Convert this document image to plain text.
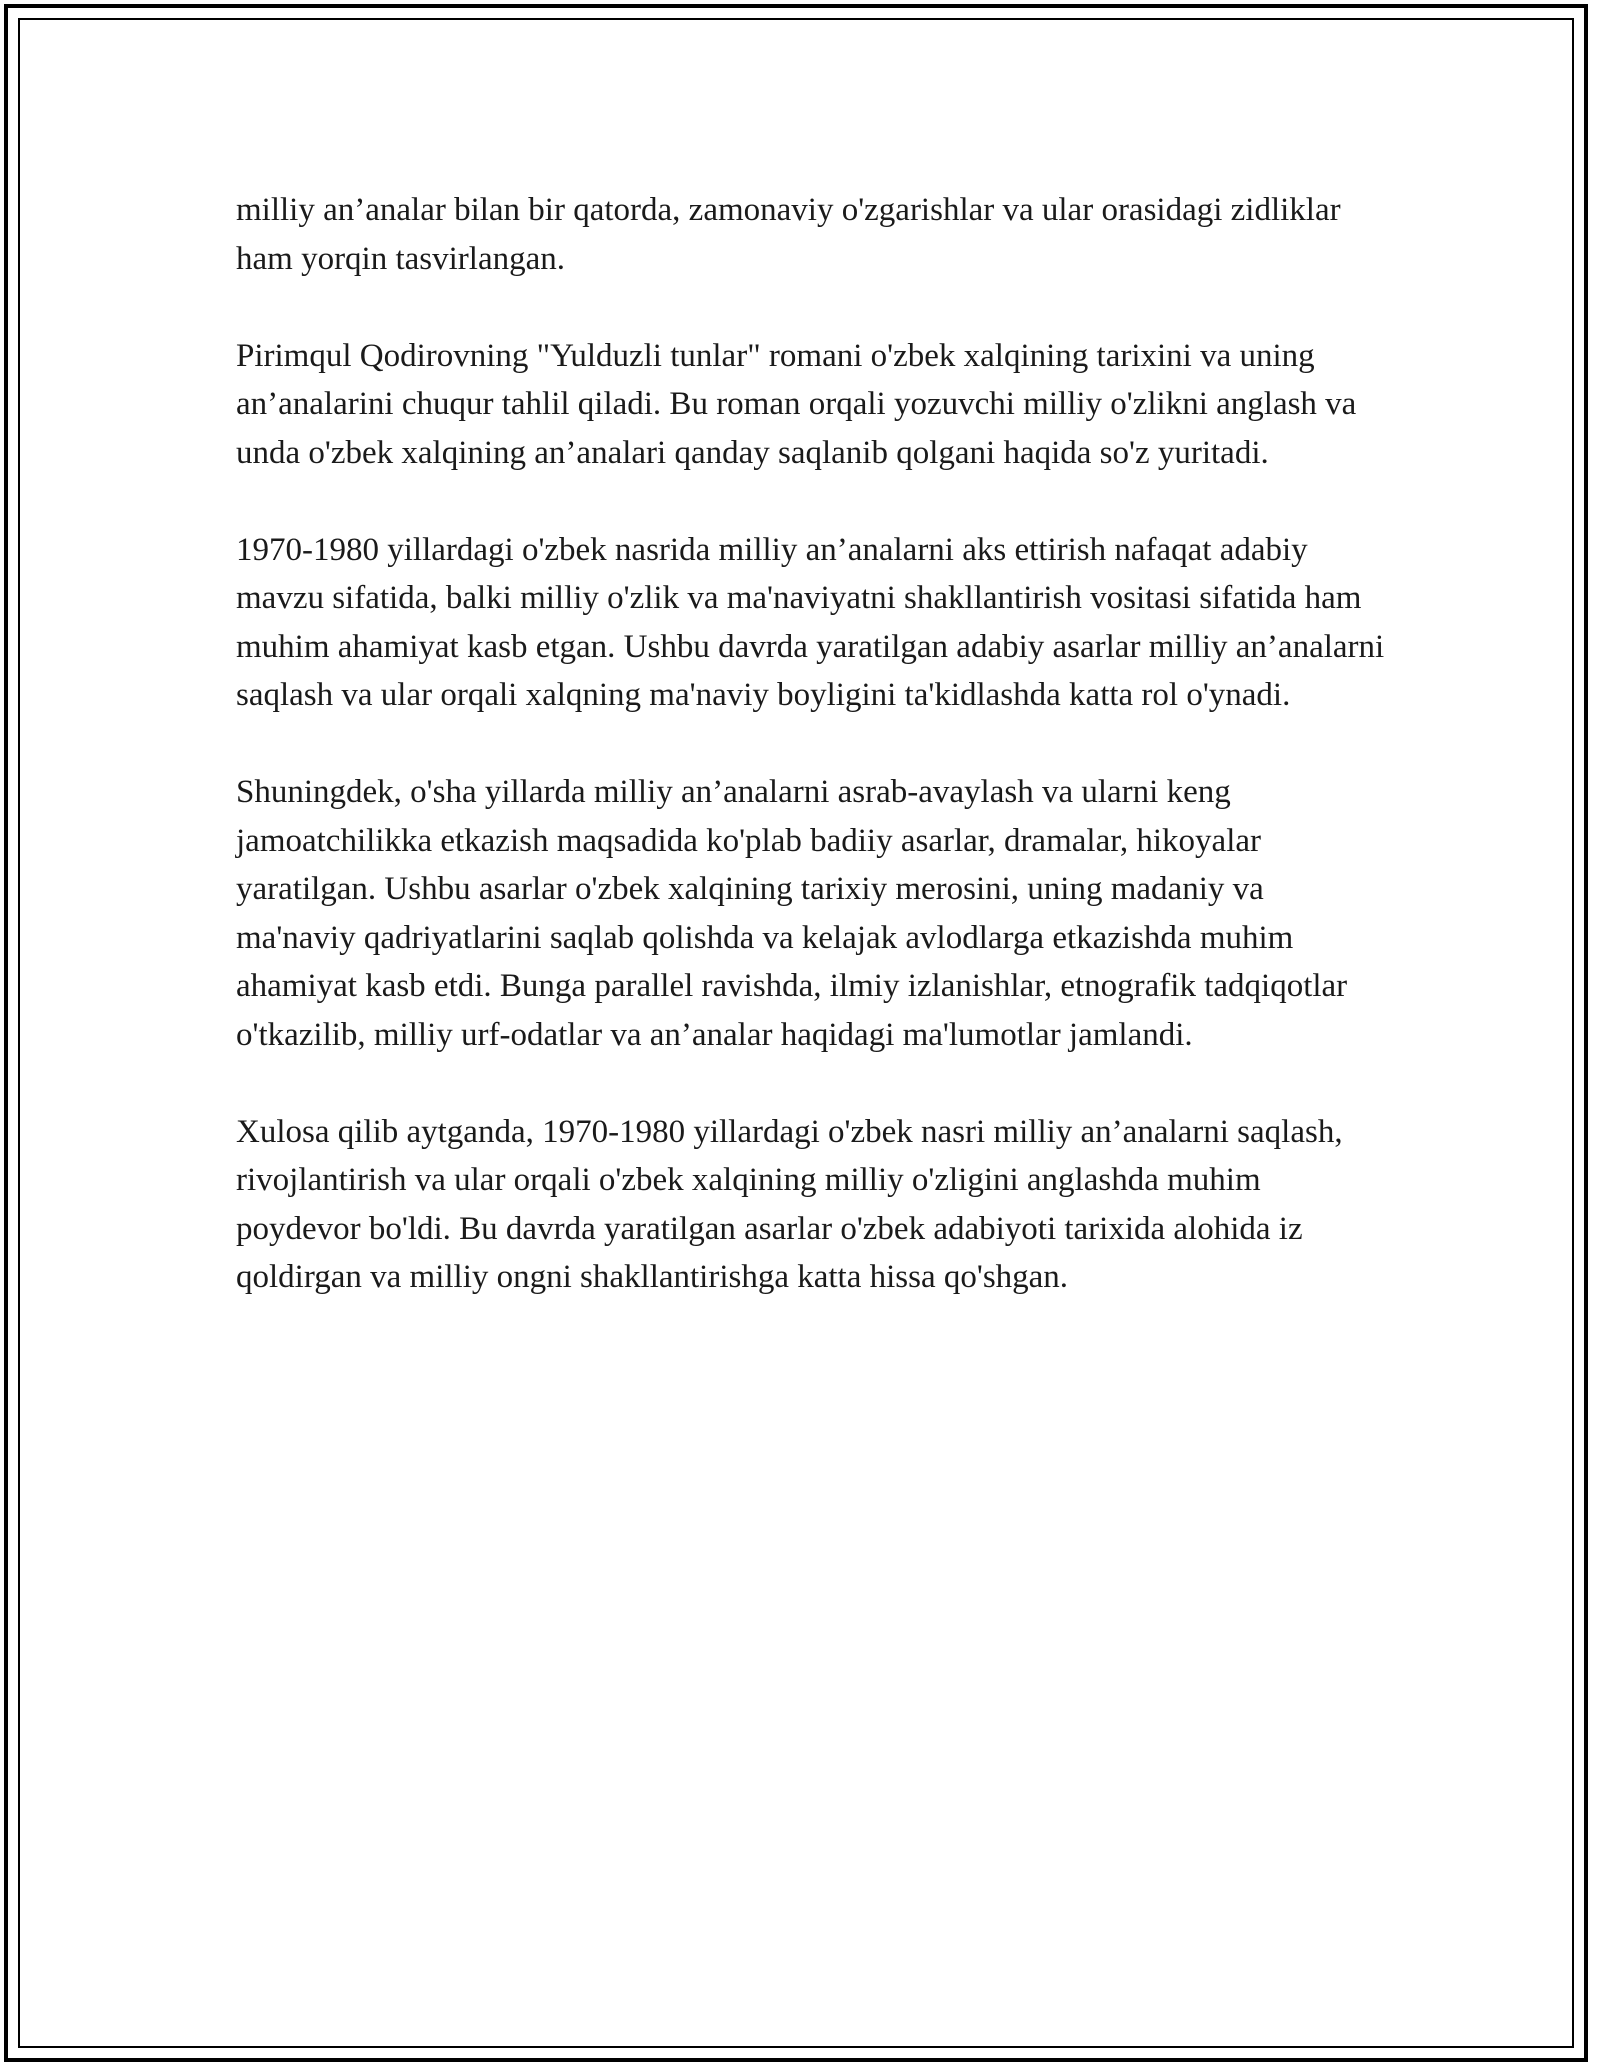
milliy an’analar bilan bir qatorda, zamonaviy o'zgarishlar va ular orasidagi zidliklar ham yorqin tasvirlangan.

Pirimqul Qodirovning "Yulduzli tunlar" romani o'zbek xalqining tarixini va uning an’analarini chuqur tahlil qiladi. Bu roman orqali yozuvchi milliy o'zlikni anglash va unda o'zbek xalqining an’analari qanday saqlanib qolgani haqida so'z yuritadi.

1970-1980 yillardagi o'zbek nasrida milliy an’analarni aks ettirish nafaqat adabiy mavzu sifatida, balki milliy o'zlik va ma'naviyatni shakllantirish vositasi sifatida ham muhim ahamiyat kasb etgan. Ushbu davrda yaratilgan adabiy asarlar milliy an’analarni saqlash va ular orqali xalqning ma'naviy boyligini ta'kidlashda katta rol o'ynadi.

Shuningdek, o'sha yillarda milliy an’analarni asrab-avaylash va ularni keng jamoatchilikka etkazish maqsadida ko'plab badiiy asarlar, dramalar, hikoyalar yaratilgan. Ushbu asarlar o'zbek xalqining tarixiy merosini, uning madaniy va ma'naviy qadriyatlarini saqlab qolishda va kelajak avlodlarga etkazishda muhim ahamiyat kasb etdi. Bunga parallel ravishda, ilmiy izlanishlar, etnografik tadqiqotlar o'tkazilib, milliy urf-odatlar va an’analar haqidagi ma'lumotlar jamlandi.

Xulosa qilib aytganda, 1970-1980 yillardagi o'zbek nasri milliy an’analarni saqlash, rivojlantirish va ular orqali o'zbek xalqining milliy o'zligini anglashda muhim poydevor bo'ldi. Bu davrda yaratilgan asarlar o'zbek adabiyoti tarixida alohida iz qoldirgan va milliy ongni shakllantirishga katta hissa qo'shgan.
